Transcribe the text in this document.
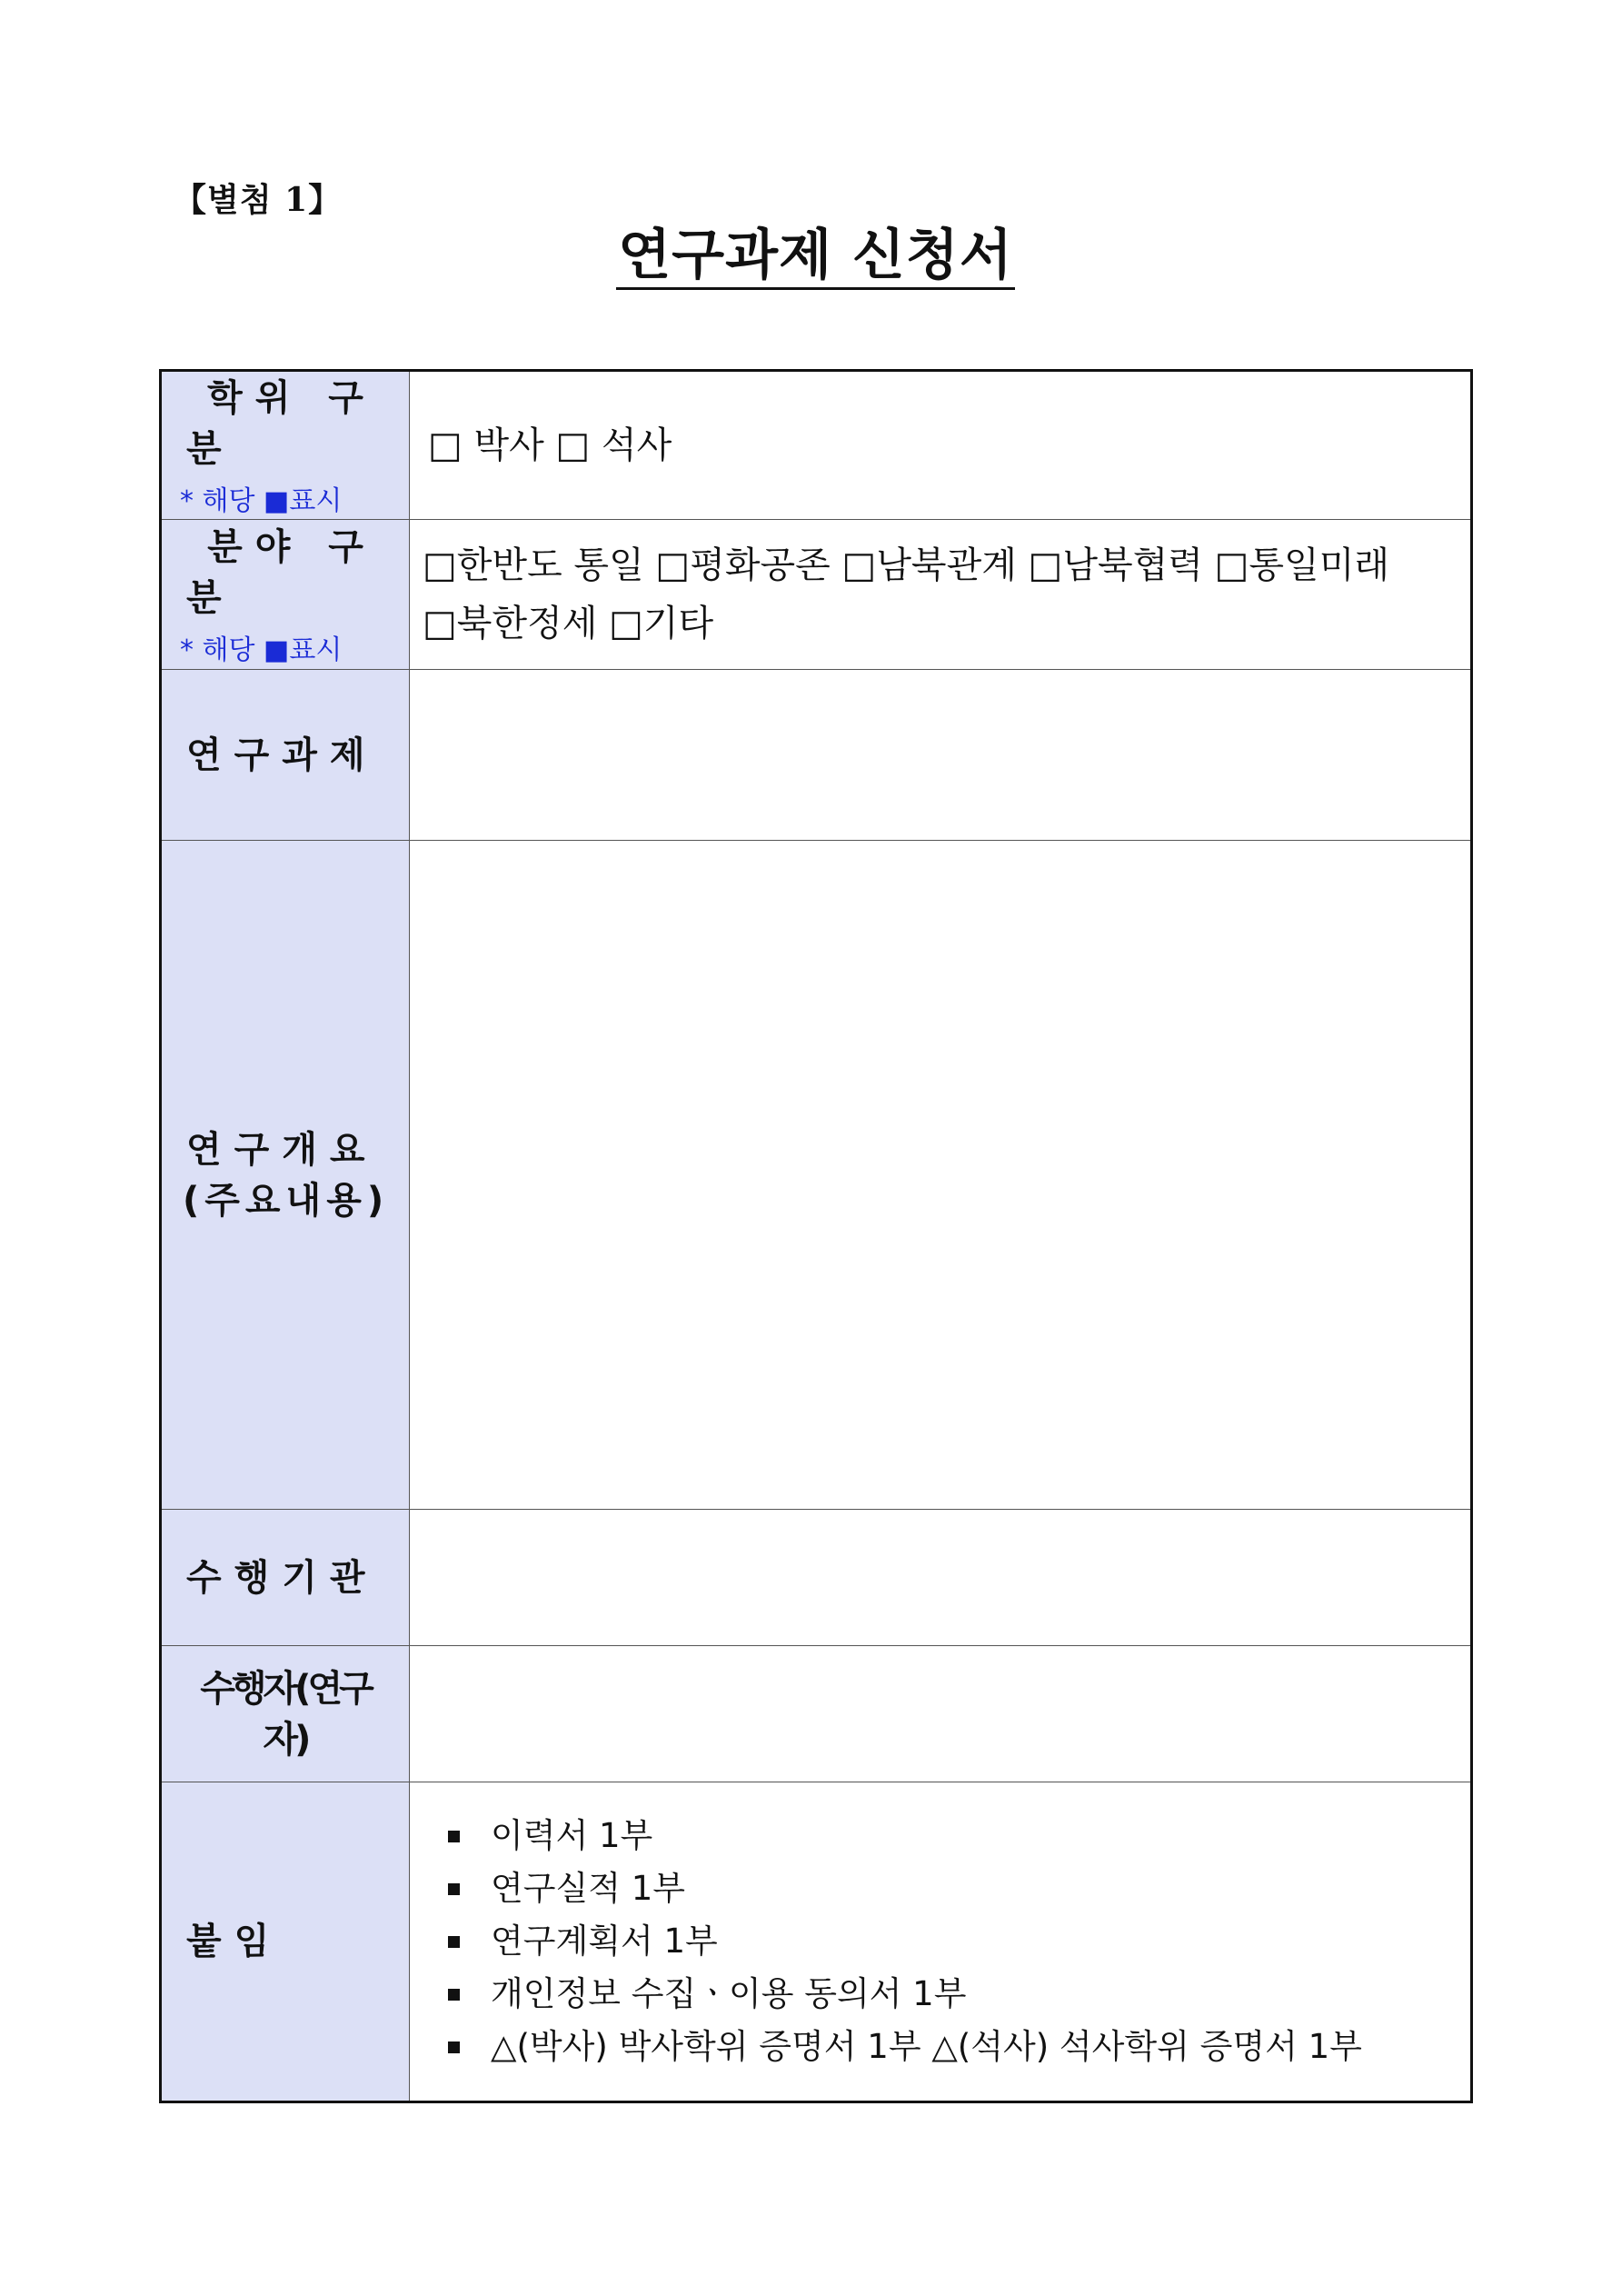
【별첨 1】
연구과제 신청서
학위 구분
* 해당 ■표시
□ 박사 □ 석사
분야 구분
* 해당 ■표시
□한반도 통일 □평화공존 □남북관계 □남북협력 □통일미래
□북한정세 □기타
연구과제
연구개요
(주요내용)
수행기관
수행자(연구자)
붙임
이력서 1부
연구실적 1부
연구계획서 1부
개인정보 수집ㆍ이용 동의서 1부
△(박사) 박사학위 증명서 1부 △(석사) 석사학위 증명서 1부
